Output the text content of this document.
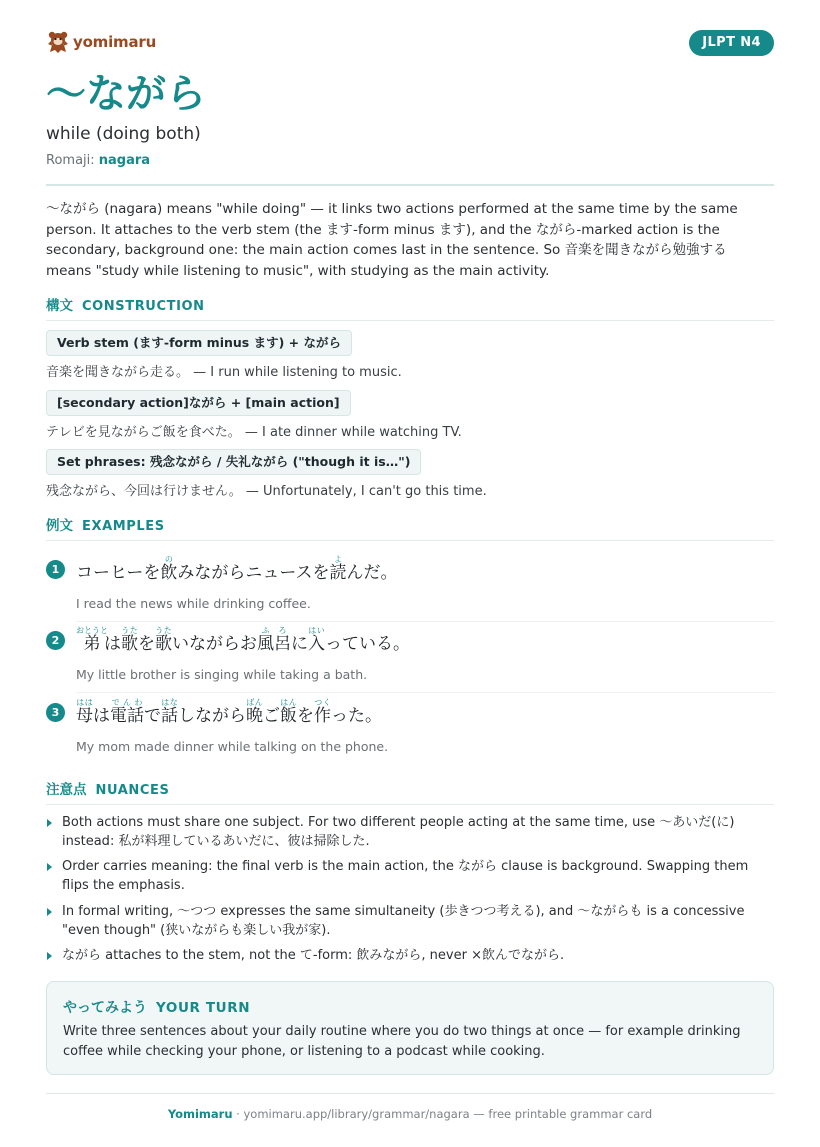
yomimaru	JLPT N4
〜ながら
while (doing both)
Romaji: nagara
〜ながら (nagara) means "while doing" — it links two actions performed at the same time by the same person. It attaches to the verb stem (the ます-form minus ます), and the ながら-marked action is the secondary, background one: the main action comes last in the sentence. So 音楽を聞きながら勉強する means "study while listening to music", with studying as the main activity.
構文 CONSTRUCTION
Verb stem (ます-form minus ます) + ながら
音楽を聞きながら走る。 — I run while listening to music.
[secondary action]ながら + [main action]
テレビを見ながらご飯を食べた。 — I ate dinner while watching TV.
Set phrases: 残念ながら / 失礼ながら ("though it is…")
残念ながら、今回は行けません。 — Unfortunately, I can't go this time.
例文 EXAMPLES
1 コーヒーを飲のみながらニュースを読よんだ。
I read the news while drinking coffee.
2 弟おとうとは歌うたを歌うたいながらお風ふ呂ろに入はいっている。
My little brother is singing while taking a bath.
3 母ははは電話でんわで話はなしながら晩ばんご飯はんを作つくった。
My mom made dinner while talking on the phone.
注意点 NUANCES
Both actions must share one subject. For two different people acting at the same time, use 〜あいだ(に) instead: 私が料理しているあいだに、彼は掃除した.
Order carries meaning: the final verb is the main action, the ながら clause is background. Swapping them flips the emphasis.
In formal writing, 〜つつ expresses the same simultaneity (歩きつつ考える), and 〜ながらも is a concessive "even though" (狭いながらも楽しい我が家).
ながら attaches to the stem, not the て-form: 飲みながら, never ×飲んでながら.
やってみよう YOUR TURN
Write three sentences about your daily routine where you do two things at once — for example drinking coffee while checking your phone, or listening to a podcast while cooking.
Yomimaru · yomimaru.app/library/grammar/nagara — free printable grammar card
